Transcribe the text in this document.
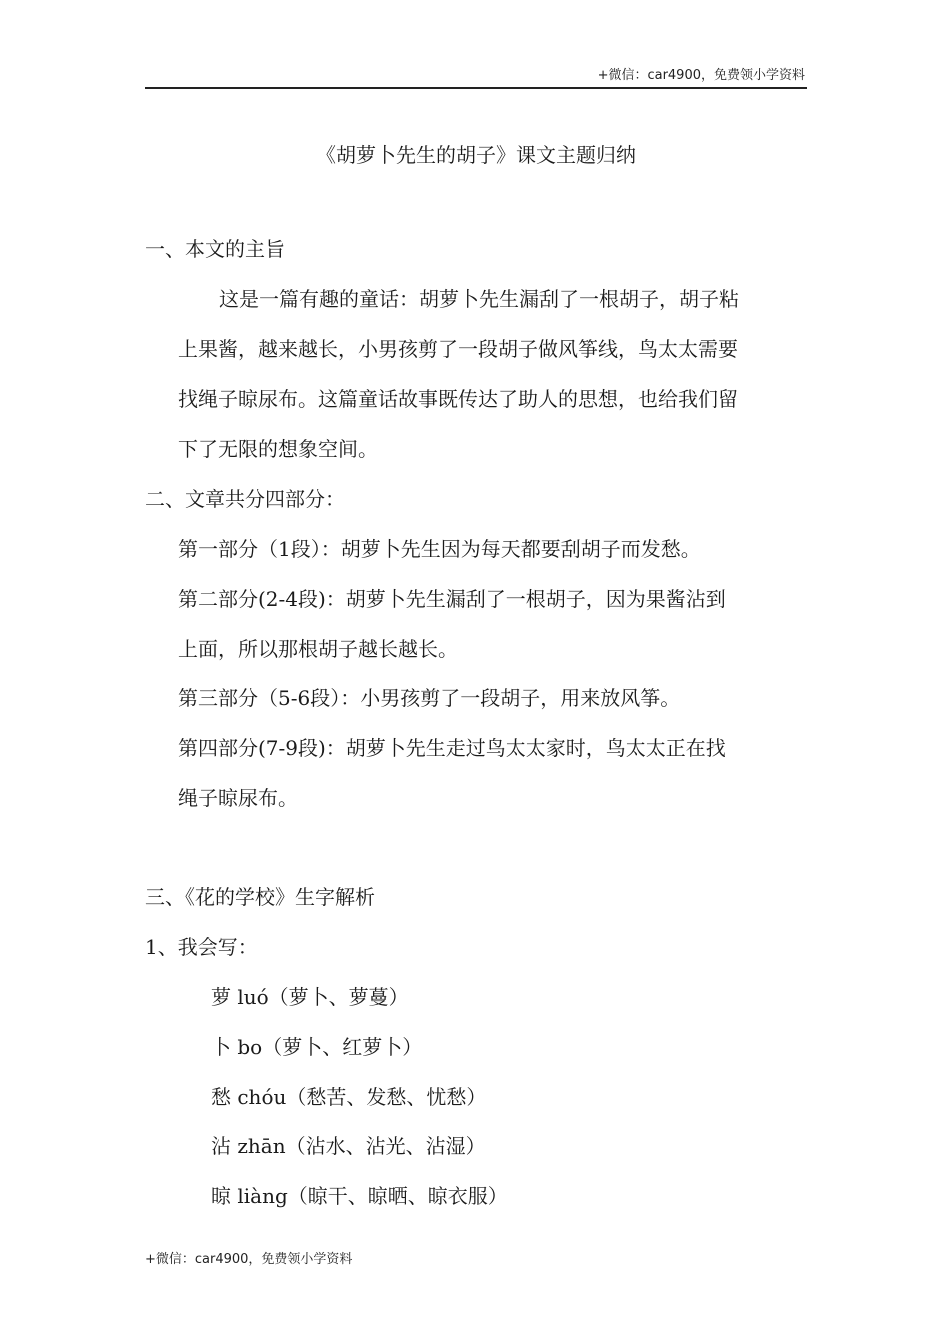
+微信：car4900，免费领小学资料
《胡萝卜先生的胡子》课文主题归纳
一、本文的主旨
这是一篇有趣的童话：胡萝卜先生漏刮了一根胡子，胡子粘
上果酱，越来越长，小男孩剪了一段胡子做风筝线，鸟太太需要
找绳子晾尿布。这篇童话故事既传达了助人的思想，也给我们留
下了无限的想象空间。
二、文章共分四部分：
第一部分（1段）：胡萝卜先生因为每天都要刮胡子而发愁。
第二部分(2-4段)：胡萝卜先生漏刮了一根胡子，因为果酱沾到
上面，所以那根胡子越长越长。
第三部分（5-6段）：小男孩剪了一段胡子，用来放风筝。
第四部分(7-9段)：胡萝卜先生走过鸟太太家时，鸟太太正在找
绳子晾尿布。
三、《花的学校》生字解析
1、我会写：
萝 luó（萝卜、萝蔓）
卜 bo（萝卜、红萝卜）
愁 chóu（愁苦、发愁、忧愁）
沾 zhān（沾水、沾光、沾湿）
晾 liàng（晾干、晾晒、晾衣服）
+微信：car4900，免费领小学资料
